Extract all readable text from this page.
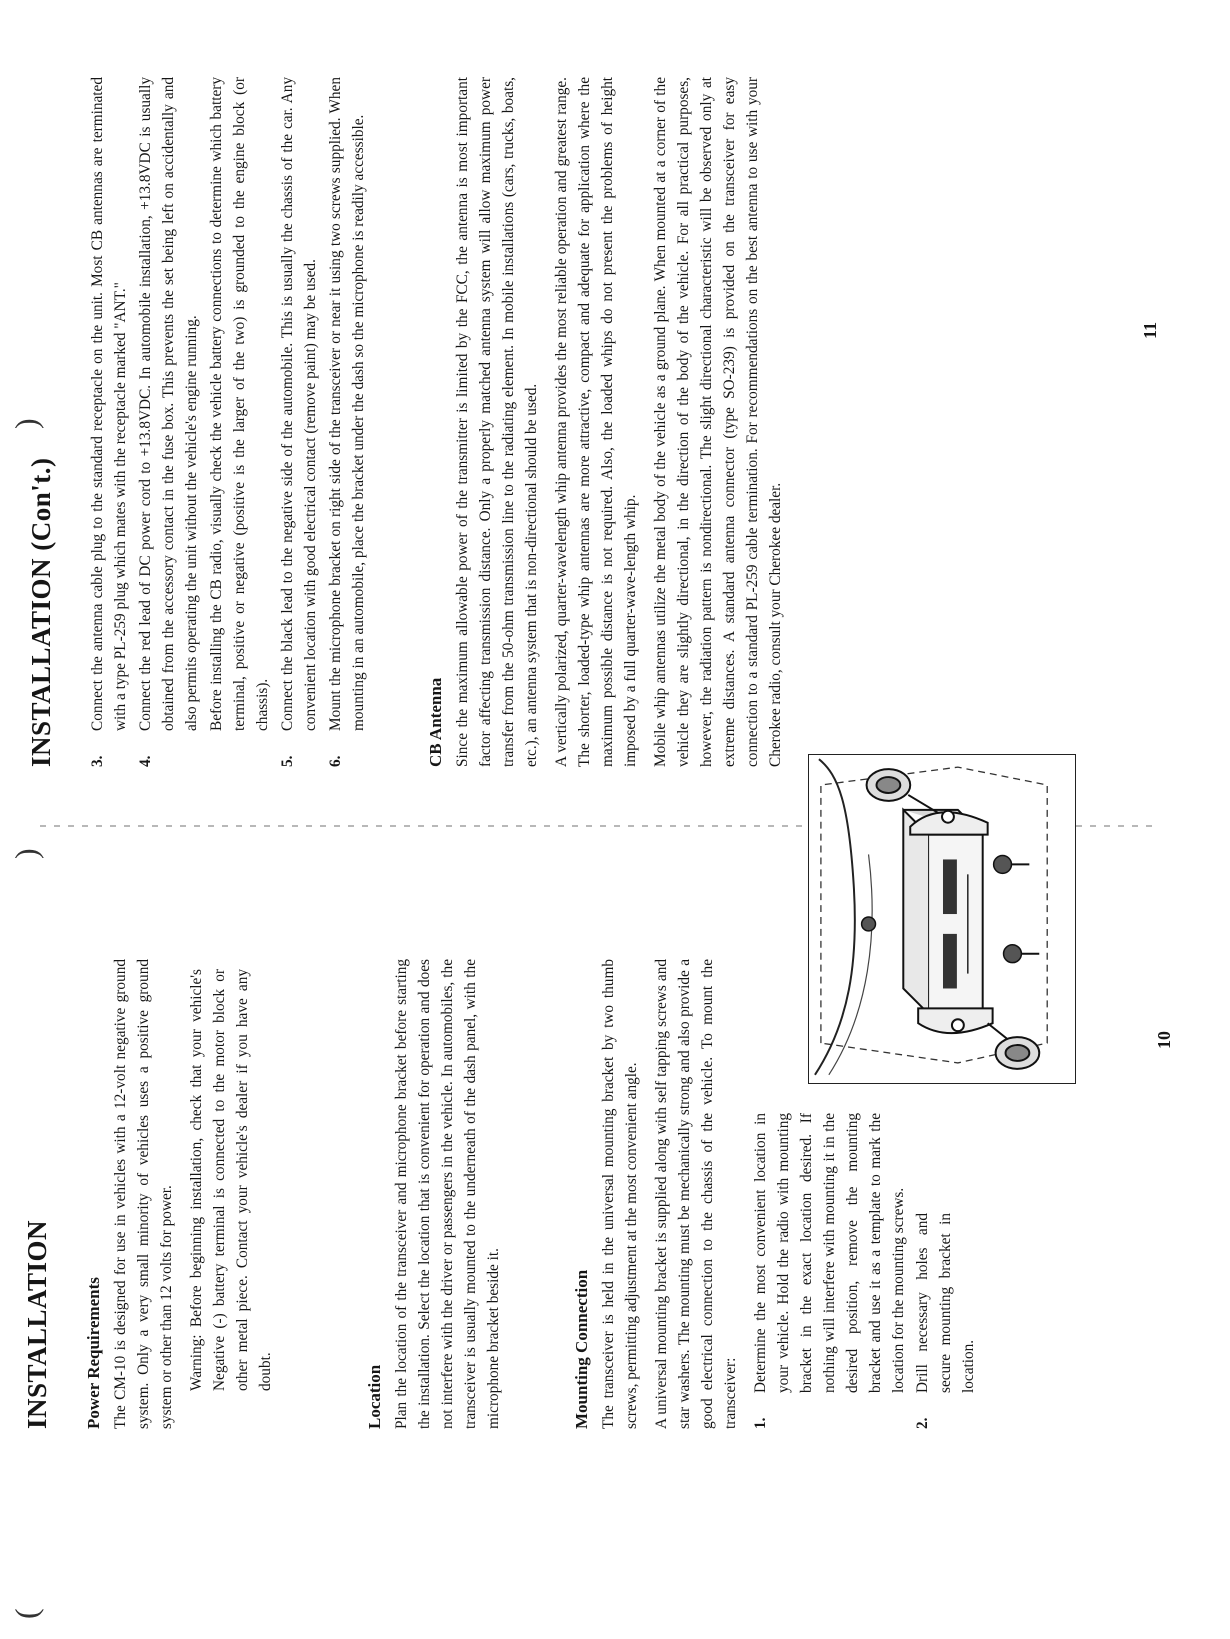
(
)
)
INSTALLATION Power Requirements The CM-10 is designed for use in vehicles with a 12-volt negative ground system. Only a very small minority of vehicles uses a positive ground system or other than 12 volts for power. Warning: Before beginning installation, check that your vehicle's Negative (-) battery terminal is connected to the motor block or other metal piece. Contact your vehicle's dealer if you have any doubt.	Location Plan the location of the transceiver and microphone bracket before starting the installation. Select the location that is convenient for operation and does not interfere with the driver or passengers in the vehicle. In automobiles, the transceiver is usually mounted to the underneath of the dash panel, with the microphone bracket beside it.	Mounting Connection The transceiver is held in the universal mounting bracket by two thumb screws, permitting adjustment at the most convenient angle. A universal mounting bracket is supplied along with self tapping screws and star washers. The mounting must be mechanically strong and also provide a good electrical connection to the chassis of the vehicle. To mount the transceiver: 1.
Determine the most convenient location in your vehicle. Hold the radio with mounting bracket in the exact location desired. If nothing will interfere with mounting it in the desired position, remove the mounting bracket and use it as a template to mark the location for the mounting screws.
2.
Drill necessary holes and secure mounting bracket in location.
10
INSTALLATION (Con't.) 3.

Connect the antenna cable plug to the standard receptacle on the unit. Most CB antennas are terminated with a type PL-259 plug which mates with the receptacle marked "ANT."

4.

Connect the red lead of DC power cord to +13.8VDC. In automobile installation, +13.8VDC is usually obtained from the accessory contact in the fuse box. This prevents the set being left on accidentally and also permits operating the unit without the vehicle's engine running. Before installing the CB radio, visually check the vehicle battery connections to determine which battery terminal, positive or negative (positive is the larger of the two) is grounded to the engine block (or chassis).

5.

Connect the black lead to the negative side of the automobile. This is usually the chassis of the car. Any convenient location with good electrical contact (remove paint) may be used.

6.

Mount the microphone bracket on right side of the transceiver or near it using two screws supplied. When mounting in an automobile, place the bracket under the dash so the microphone is readily accessible.	CB Antenna Since the maximum allowable power of the transmitter is limited by the FCC, the antenna is most important factor affecting transmission distance. Only a properly matched antenna system will allow maximum power transfer from the 50-ohm transmission line to the radiating element. In mobile installations (cars, trucks, boats, etc.), an antenna system that is non-directional should be used. A vertically polarized, quarter-wavelength whip antenna provides the most reliable operation and greatest range. The shorter, loaded-type whip antennas are more attractive, compact and adequate for application where the maximum possible distance is not required. Also, the loaded whips do not present the problems of height imposed by a full quarter-wave-length whip. Mobile whip antennas utilize the metal body of the vehicle as a ground plane. When mounted at a corner of the vehicle they are slightly directional, in the direction of the body of the vehicle. For all practical purposes, however, the radiation pattern is nondirectional. The slight directional characteristic will be observed only at extreme distances. A standard antenna connector (type SO-239) is provided on the transceiver for easy connection to a standard PL-259 cable termination. For recommendations on the best antenna to use with your Cherokee radio, consult your Cherokee dealer.

11
